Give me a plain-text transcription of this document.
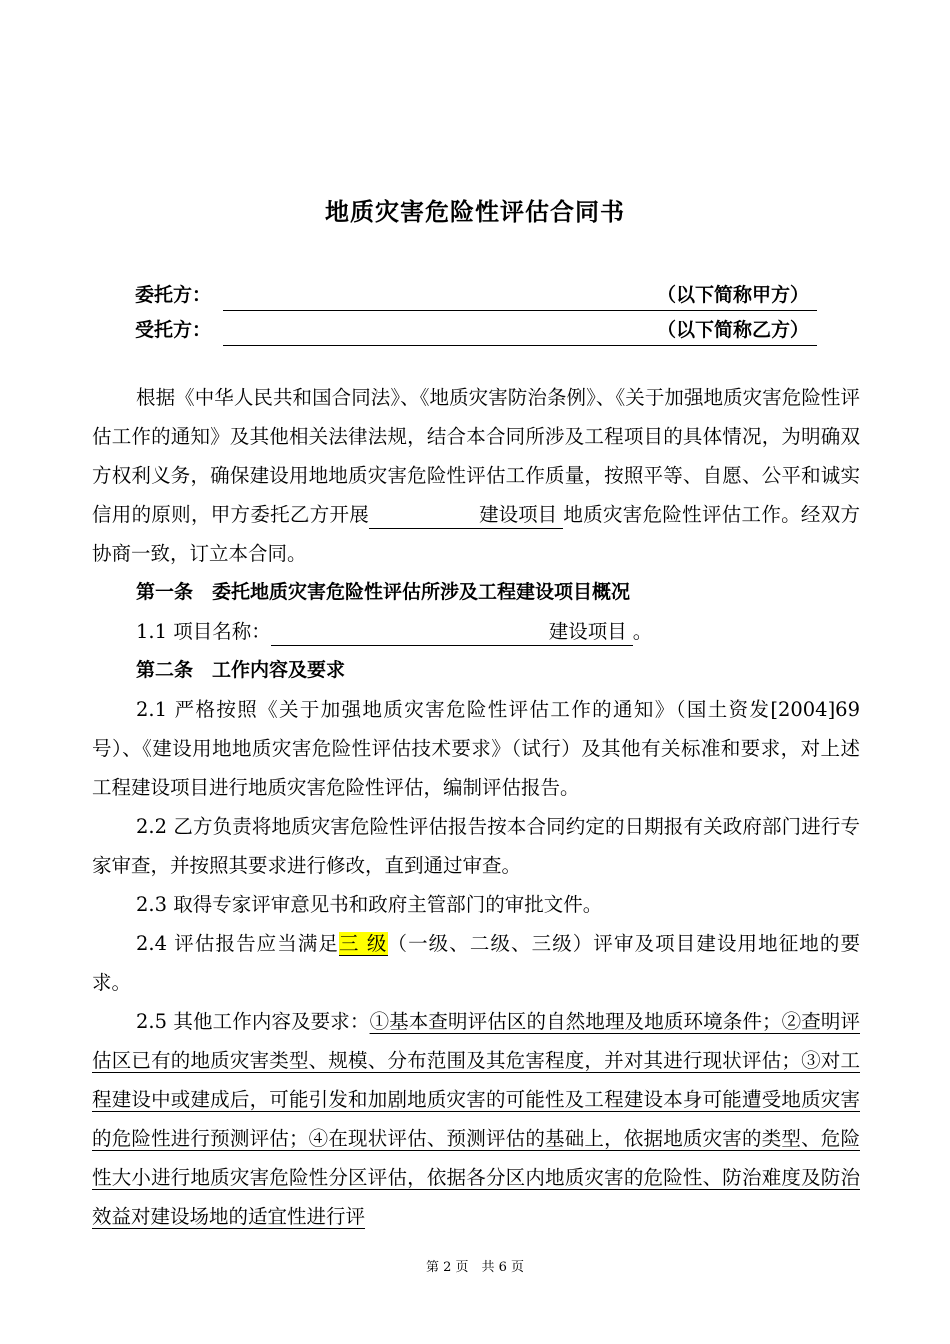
地质灾害危险性评估合同书
委托方：	（以下简称甲方）
受托方：	（以下简称乙方）

根据《中华人民共和国合同法》、《地质灾害防治条例》、《关于加强地质灾害危险性评估工作的通知》及其他相关法律法规，结合本合同所涉及工程项目的具体情况，为明确双方权利义务，确保建设用地地质灾害危险性评估工作质量，按照平等、自愿、公平和诚实信用的原则，甲方委托乙方开展	建设项目 地质灾害危险性评估工作。经双方协商一致，订立本合同。

第一条　委托地质灾害危险性评估所涉及工程建设项目概况

1.1 项目名称：	建设项目 。

第二条　工作内容及要求

2.1 严格按照《关于加强地质灾害危险性评估工作的通知》（国土资发[2004]69号）、《建设用地地质灾害危险性评估技术要求》（试行）及其他有关标准和要求，对上述工程建设项目进行地质灾害危险性评估，编制评估报告。

2.2 乙方负责将地质灾害危险性评估报告按本合同约定的日期报有关政府部门进行专家审查，并按照其要求进行修改，直到通过审查。

2.3 取得专家评审意见书和政府主管部门的审批文件。

2.4 评估报告应当满足三 级（一级、二级、三级）评审及项目建设用地征地的要求。

2.5 其他工作内容及要求：①基本查明评估区的自然地理及地质环境条件；②查明评估区已有的地质灾害类型、规模、分布范围及其危害程度，并对其进行现状评估；③对工程建设中或建成后，可能引发和加剧地质灾害的可能性及工程建设本身可能遭受地质灾害的危险性进行预测评估；④在现状评估、预测评估的基础上，依据地质灾害的类型、危险性大小进行地质灾害危险性分区评估，依据各分区内地质灾害的危险性、防治难度及防治效益对建设场地的适宜性进行评

第 2 页　共 6 页
